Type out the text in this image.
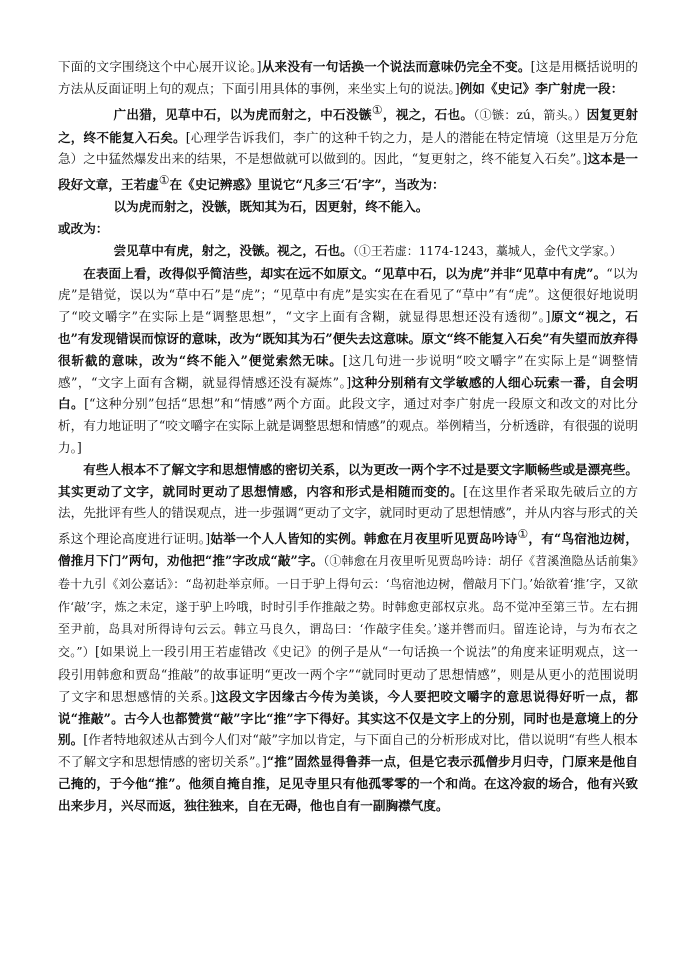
下面的文字围绕这个中心展开议论。]从来没有一句话换一个说法而意味仍完全不变。[这是用概括说明的方法从反面证明上句的观点；下面引用具体的事例，来坐实上句的说法。]例如《史记》李广射虎一段：

广出猎，见草中石，以为虎而射之，中石没镞①，视之，石也。（①镞：zú，箭头。）因复更射之，终不能复入石矣。[心理学告诉我们，李广的这种千钧之力，是人的潜能在特定情境（这里是万分危急）之中猛然爆发出来的结果，不是想做就可以做到的。因此，“复更射之，终不能复入石矣”。]这本是一段好文章，王若虚①在《史记辨惑》里说它“凡多三‘石’字”，当改为：

以为虎而射之，没镞，既知其为石，因更射，终不能入。

或改为：

尝见草中有虎，射之，没镞。视之，石也。（①王若虚：1174-1243，藁城人，金代文学家。）

在表面上看，改得似乎简洁些，却实在远不如原文。“见草中石，以为虎”并非“见草中有虎”。“以为虎”是错觉，误以为“草中石”是“虎”；“见草中有虎”是实实在在看见了“草中”有“虎”。这便很好地说明了“咬文嚼字”在实际上是“调整思想”，“文字上面有含糊，就显得思想还没有透彻”。]原文“视之，石也”有发现错误而惊讶的意味，改为“既知其为石”便失去这意味。原文“终不能复入石矣”有失望而放弃得很斩截的意味，改为“终不能入”便觉索然无味。[这几句进一步说明“咬文嚼字”在实际上是“调整情感”，“文字上面有含糊，就显得情感还没有凝炼”。]这种分别稍有文学敏感的人细心玩索一番，自会明白。[“这种分别”包括“思想”和“情感”两个方面。此段文字，通过对李广射虎一段原文和改文的对比分析，有力地证明了“咬文嚼字在实际上就是调整思想和情感”的观点。举例精当，分析透辟，有很强的说明力。]

有些人根本不了解文字和思想情感的密切关系，以为更改一两个字不过是要文字顺畅些或是漂亮些。其实更动了文字，就同时更动了思想情感，内容和形式是相随而变的。[在这里作者采取先破后立的方法，先批评有些人的错误观点，进一步强调“更动了文字，就同时更动了思想情感”，并从内容与形式的关系这个理论高度进行证明。]姑举一个人人皆知的实例。韩愈在月夜里听见贾岛吟诗①，有“鸟宿池边树，僧推月下门”两句，劝他把“推”字改成“敲”字。（①韩愈在月夜里听见贾岛吟诗：胡仔《苕溪渔隐丛话前集》卷十九引《刘公嘉话》：“岛初赴举京师。一日于驴上得句云：‘鸟宿池边树，僧敲月下门。’始欲着‘推’字，又欲作‘敲’字，炼之未定，遂于驴上吟哦，时时引手作推敲之势。时韩愈吏部权京兆。岛不觉冲至第三节。左右拥至尹前，岛具对所得诗句云云。韩立马良久，谓岛曰：‘作敲字佳矣。’遂并辔而归。留连论诗，与为布衣之交。”）[如果说上一段引用王若虚错改《史记》的例子是从“一句话换一个说法”的角度来证明观点，这一段引用韩愈和贾岛“推敲”的故事证明“更改一两个字”“就同时更动了思想情感”，则是从更小的范围说明了文字和思想感情的关系。]这段文字因缘古今传为美谈，今人要把咬文嚼字的意思说得好听一点，都说“推敲”。古今人也都赞赏“敲”字比“推”字下得好。其实这不仅是文字上的分别，同时也是意境上的分别。[作者特地叙述从古到今人们对“敲”字加以肯定，与下面自己的分析形成对比，借以说明“有些人根本不了解文字和思想情感的密切关系”。]“推”固然显得鲁莽一点，但是它表示孤僧步月归寺，门原来是他自己掩的，于今他“推”。他须自掩自推，足见寺里只有他孤零零的一个和尚。在这冷寂的场合，他有兴致出来步月，兴尽而返，独往独来，自在无碍，他也自有一副胸襟气度。
